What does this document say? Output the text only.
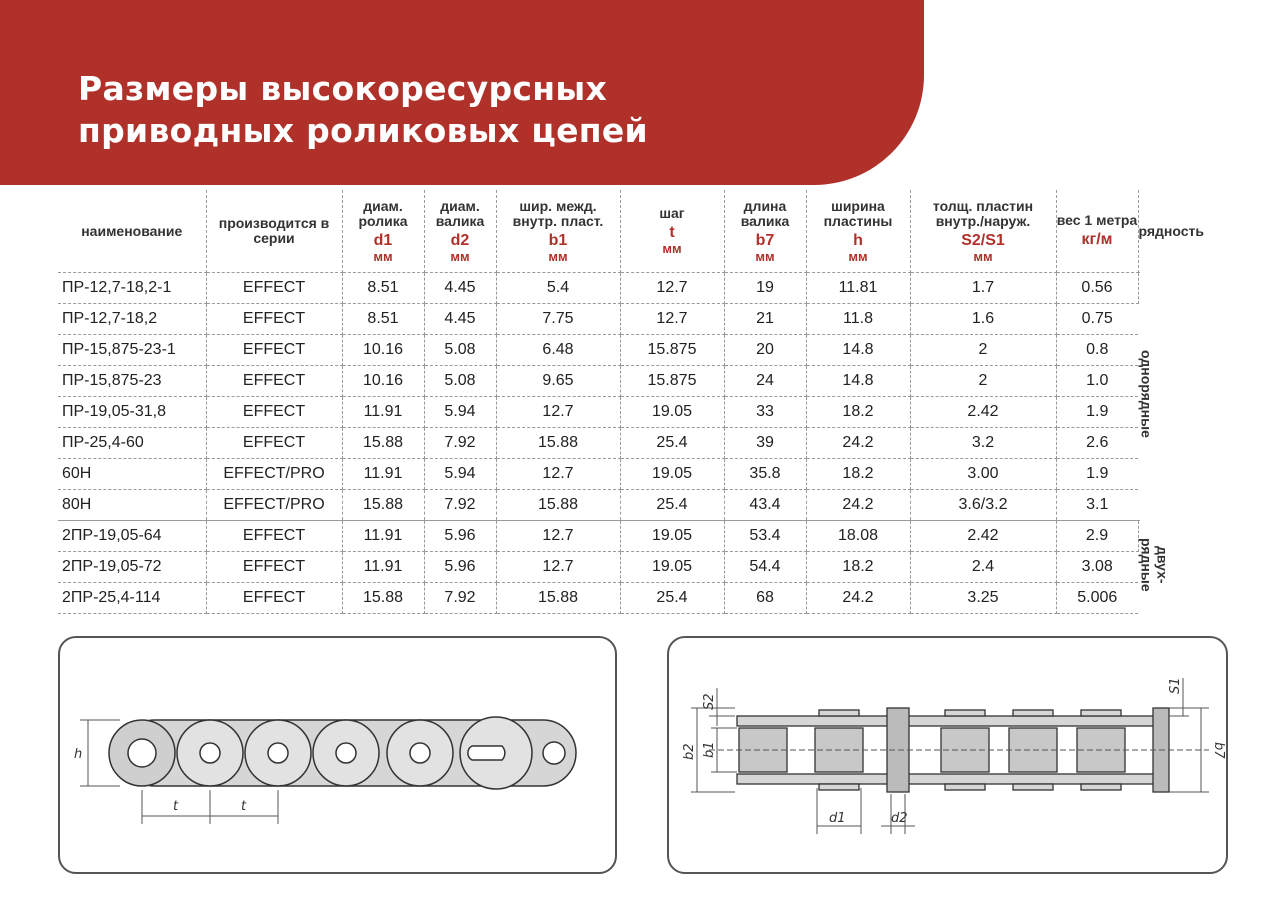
Размеры высокоресурсных
приводных роликовых цепей
наименование	производится в серии	диам. ролика
d1
мм	диам. валика
d2
мм	шир. межд. внутр. пласт.
b1
мм	шаг
t
мм	длина валика
b7
мм	ширина пластины
h
мм	толщ. пластин внутр./наруж.
S2/S1
мм	вес 1 метра
кг/м	рядность

ПР-12,7-18,2-1	EFFECT	8.51	4.45	5.4	12.7	19	11.81	1.7	0.56	однорядные
ПР-12,7-18,2	EFFECT	8.51	4.45	7.75	12.7	21	11.8	1.6	0.75	
ПР-15,875-23-1	EFFECT	10.16	5.08	6.48	15.875	20	14.8	2	0.8	
ПР-15,875-23	EFFECT	10.16	5.08	9.65	15.875	24	14.8	2	1.0	
ПР-19,05-31,8	EFFECT	11.91	5.94	12.7	19.05	33	18.2	2.42	1.9	
ПР-25,4-60	EFFECT	15.88	7.92	15.88	25.4	39	24.2	3.2	2.6	
60H	EFFECT/PRO	11.91	5.94	12.7	19.05	35.8	18.2	3.00	1.9	
80H	EFFECT/PRO	15.88	7.92	15.88	25.4	43.4	24.2	3.6/3.2	3.1	
2ПР-19,05-64	EFFECT	11.91	5.96	12.7	19.05	53.4	18.08	2.42	2.9	двух-
рядные

2ПР-19,05-72	EFFECT	11.91	5.96	12.7	19.05	54.4	18.2	2.4	3.08	
2ПР-25,4-114	EFFECT	15.88	7.92	15.88	25.4	68	24.2	3.25	5.006	
h
t	t
S2
S1
b2 b1	b7
d1	d2
